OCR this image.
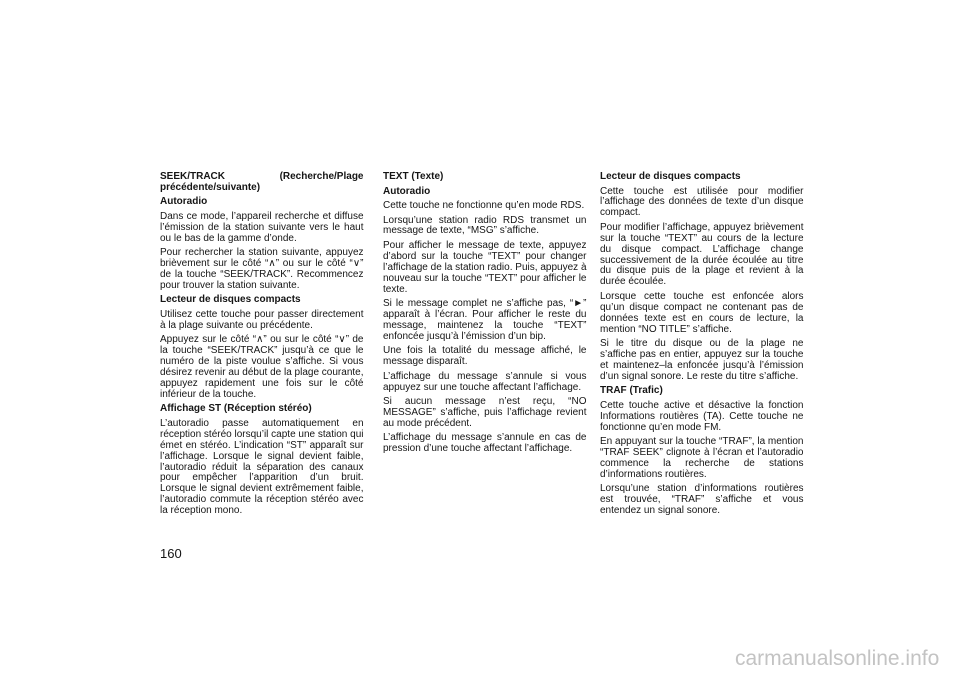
SEEK/TRACK (Recherche/Plage précédente/suivante)

Autoradio

Dans ce mode, l’appareil recherche et diffuse l’émission de la station suivante vers le haut ou le bas de la gamme d’onde.

Pour rechercher la station suivante, appuyez brièvement sur le côté “∧” ou sur le côté “∨” de la touche “SEEK/TRACK”. Recommencez pour trouver la station suivante.

Lecteur de disques compacts

Utilisez cette touche pour passer directement à la plage suivante ou précédente.

Appuyez sur le côté “∧” ou sur le côté “∨” de la touche “SEEK/TRACK” jusqu’à ce que le numéro de la piste voulue s’affiche. Si vous désirez revenir au début de la plage courante, appuyez rapidement une fois sur le côté inférieur de la touche.

Affichage ST (Réception stéréo)

L’autoradio passe automatiquement en réception stéréo lorsqu’il capte une station qui émet en stéréo. L’indication “ST” apparaît sur l’affichage. Lorsque le signal devient faible, l’autoradio réduit la séparation des canaux pour empêcher l’apparition d’un bruit. Lorsque le signal devient extrêmement faible, l’autoradio commute la réception stéréo avec la réception mono.

TEXT (Texte)

Autoradio

Cette touche ne fonctionne qu’en mode RDS.

Lorsqu’une station radio RDS transmet un message de texte, “MSG” s’affiche.

Pour afficher le message de texte, appuyez d’abord sur la touche “TEXT” pour changer l’affichage de la station radio. Puis, appuyez à nouveau sur la touche “TEXT” pour afficher le texte.

Si le message complet ne s’affiche pas, “►” apparaît à l’écran. Pour afficher le reste du message, maintenez la touche “TEXT” enfoncée jusqu’à l’émission d’un bip.

Une fois la totalité du message affiché, le message disparaît.

L’affichage du message s’annule si vous appuyez sur une touche affectant l’affichage.

Si aucun message n’est reçu, “NO MESSAGE” s’affiche, puis l’affichage revient au mode précédent.

L’affichage du message s’annule en cas de pression d’une touche affectant l’affichage.

Lecteur de disques compacts

Cette touche est utilisée pour modifier l’affichage des données de texte d’un disque compact.

Pour modifier l’affichage, appuyez brièvement sur la touche “TEXT” au cours de la lecture du disque compact. L’affichage change successivement de la durée écoulée au titre du disque puis de la plage et revient à la durée écoulée.

Lorsque cette touche est enfoncée alors qu’un disque compact ne contenant pas de données texte est en cours de lecture, la mention “NO TITLE” s’affiche.

Si le titre du disque ou de la plage ne s’affiche pas en entier, appuyez sur la touche et maintenez–la enfoncée jusqu’à l’émission d’un signal sonore. Le reste du titre s’affiche.

TRAF (Trafic)

Cette touche active et désactive la fonction Informations routières (TA). Cette touche ne fonctionne qu’en mode FM.

En appuyant sur la touche “TRAF”, la mention “TRAF SEEK” clignote à l’écran et l’autoradio commence la recherche de stations d’informations routières.

Lorsqu’une station d’informations routières est trouvée, “TRAF” s’affiche et vous entendez un signal sonore.

160
carmanualsonline.info
